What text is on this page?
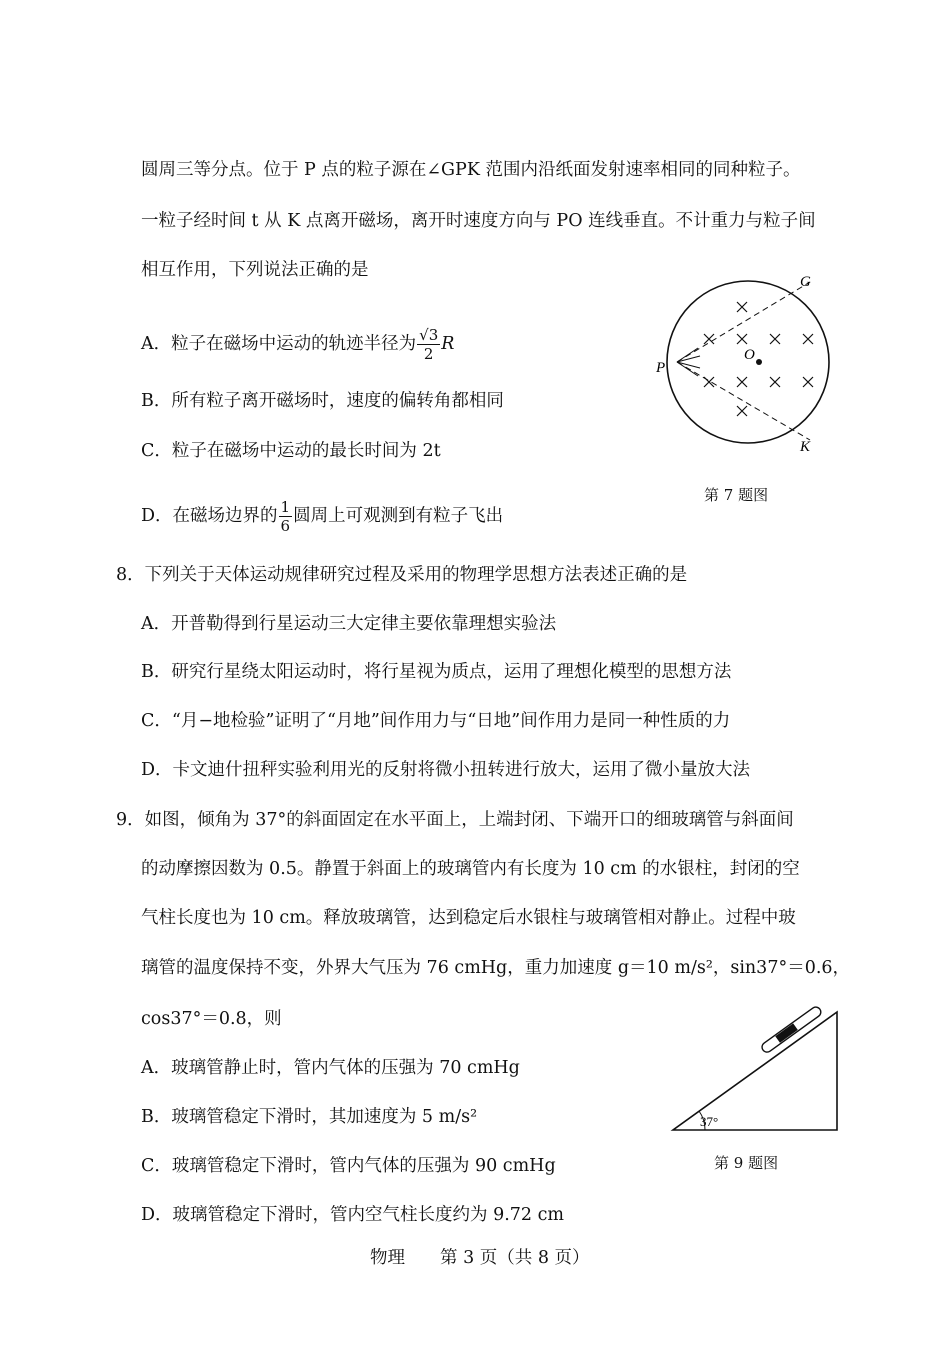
圆周三等分点。位于 P 点的粒子源在∠GPK 范围内沿纸面发射速率相同的同种粒子。
一粒子经时间 t 从 K 点离开磁场，离开时速度方向与 PO 连线垂直。不计重力与粒子间
相互作用，下列说法正确的是
A．粒子在磁场中运动的轨迹半径为 $\frac{√3}{2}$ R
B．所有粒子离开磁场时，速度的偏转角都相同
C．粒子在磁场中运动的最长时间为 2t
D．在磁场边界的 $\frac{1}{6}$ 圆周上可观测到有粒子飞出
O
G
K
P
第 7 题图
8．下列关于天体运动规律研究过程及采用的物理学思想方法表述正确的是
A．开普勒得到行星运动三大定律主要依靠理想实验法
B．研究行星绕太阳运动时，将行星视为质点，运用了理想化模型的思想方法
C．“月−地检验”证明了“月地”间作用力与“日地”间作用力是同一种性质的力
D．卡文迪什扭秤实验利用光的反射将微小扭转进行放大，运用了微小量放大法
9．如图，倾角为 37°的斜面固定在水平面上，上端封闭、下端开口的细玻璃管与斜面间
的动摩擦因数为 0.5。静置于斜面上的玻璃管内有长度为 10 cm 的水银柱，封闭的空
气柱长度也为 10 cm。释放玻璃管，达到稳定后水银柱与玻璃管相对静止。过程中玻
璃管的温度保持不变，外界大气压为 76 cmHg，重力加速度 g＝10 m/s²，sin37°＝0.6，
cos37°＝0.8，则
A．玻璃管静止时，管内气体的压强为 70 cmHg
B．玻璃管稳定下滑时，其加速度为 5 m/s²
C．玻璃管稳定下滑时，管内气体的压强为 90 cmHg
D．玻璃管稳定下滑时，管内空气柱长度约为 9.72 cm
37°
第 9 题图
物理 第 3 页（共 8 页）
